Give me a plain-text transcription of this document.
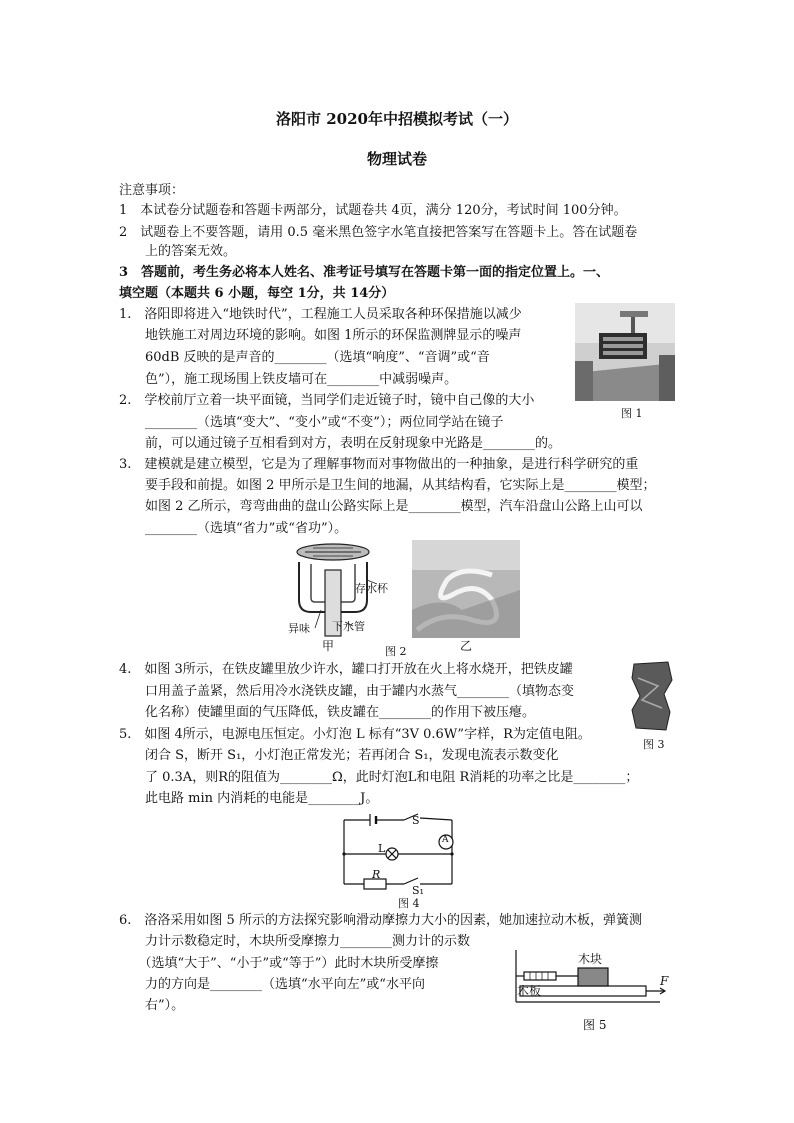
洛阳市 2020年中招模拟考试（一）
物理试卷
注意事项：
1　本试卷分试题卷和答题卡两部分，试题卷共 4页，满分 120分，考试时间 100分钟。
2　试题卷上不要答题，请用 0.5 毫米黑色签字水笔直接把答案写在答题卡上。答在试题卷
　　上的答案无效。
3　答题前，考生务必将本人姓名、准考证号填写在答题卡第一面的指定位置上。一、
填空题（本题共 6 小题，每空 1分，共 14分）
1.　洛阳即将进入“地铁时代”，工程施工人员采取各种环保措施以减少
　　地铁施工对周边环境的影响。如图 1所示的环保监测牌显示的噪声
　　60dB 反映的是声音的________（选填“响度”、“音调”或“音
　　色”），施工现场围上铁皮墙可在________中减弱噪声。
图 1
2.　学校前厅立着一块平面镜，当同学们走近镜子时，镜中自己像的大小
　　________（选填“变大”、“变小”或“不变”）；两位同学站在镜子
　　前，可以通过镜子互相看到对方，表明在反射现象中光路是________的。
3.　建模就是建立模型，它是为了理解事物而对事物做出的一种抽象，是进行科学研究的重
　　要手段和前提。如图 2 甲所示是卫生间的地漏，从其结构看，它实际上是________模型；
　　如图 2 乙所示，弯弯曲曲的盘山公路实际上是________模型，汽车沿盘山公路上山可以
　　________（选填“省力”或“省功”）。
存水杯
异味 下水管
甲	乙
图 2
4.　如图 3所示，在铁皮罐里放少许水，罐口打开放在火上将水烧开，把铁皮罐
　　口用盖子盖紧，然后用冷水浇铁皮罐，由于罐内水蒸气________（填物态变
　　化名称）使罐里面的气压降低，铁皮罐在________的作用下被压瘪。
图 3
5.　如图 4所示，电源电压恒定。小灯泡 L 标有“3V 0.6W”字样，R为定值电阻。
　　闭合 S，断开 S₁，小灯泡正常发光；若再闭合 S₁，发现电流表示数变化
　　了 0.3A，则R的阻值为________Ω，此时灯泡L和电阻 R消耗的功率之比是________；
　　此电路 min 内消耗的电能是________J。
S
A
L
R
S₁
图 4
6.　洛洛采用如图 5 所示的方法探究影响滑动摩擦力大小的因素，她加速拉动木板，弹簧测
　　力计示数稳定时，木块所受摩擦力________测力计的示数
　　（选填“大于”、“小于”或“等于”）此时木块所受摩擦
　　力的方向是________（选填“水平向左”或“水平向
　　右”）。
木块
木板
F
图 5
